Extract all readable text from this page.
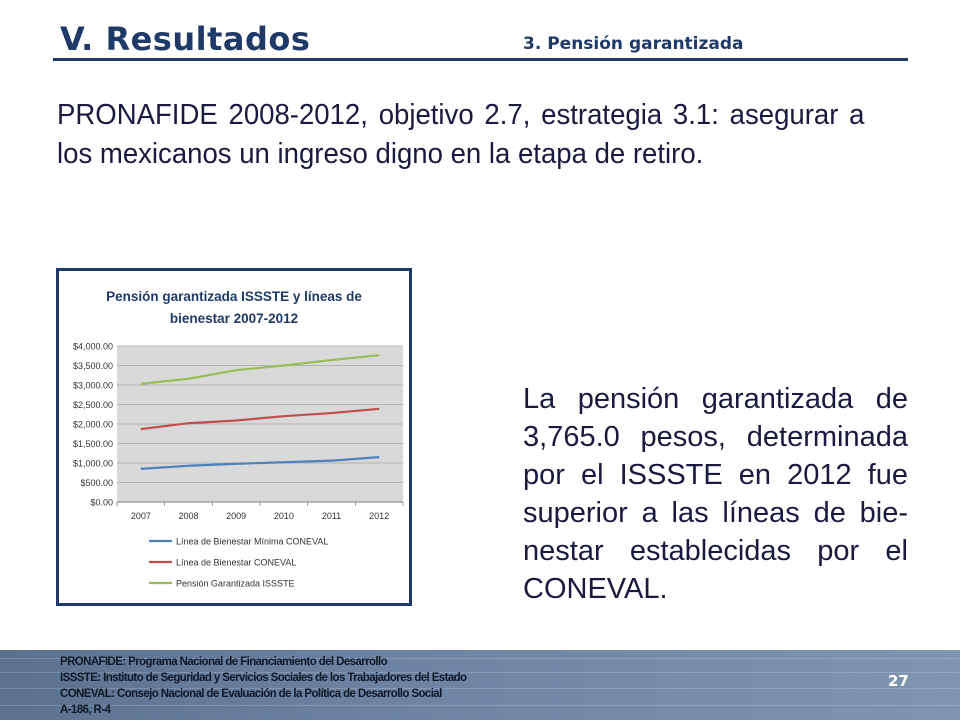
V. Resultados	3. Pensión garantizada
PRONAFIDE 2008-2012, objetivo 2.7, estrategia 3.1: asegurar a los mexicanos un ingreso digno en la etapa de retiro.
Pensión garantizada ISSSTE y líneas de
bienestar 2007-2012
$0.00
$500.00
$1,000.00
$1,500.00
$2,000.00
$2,500.00
$3,000.00
$3,500.00
$4,000.00
2007	2008	2009	2010	2011	2012
Línea de Bienestar Mínima CONEVAL
Línea de Bienestar CONEVAL
Pensión Garantizada ISSSTE
La pensión garantizada de 3,765.0 pesos, determinada por el ISSSTE en 2012 fue superior a las líneas de bie-nestar establecidas por el CONEVAL.
PRONAFIDE: Programa Nacional de Financiamiento del Desarrollo
ISSSTE: Instituto de Seguridad y Servicios Sociales de los Trabajadores del Estado
CONEVAL: Consejo Nacional de Evaluación de la Política de Desarrollo Social
A-186, R-4
27
